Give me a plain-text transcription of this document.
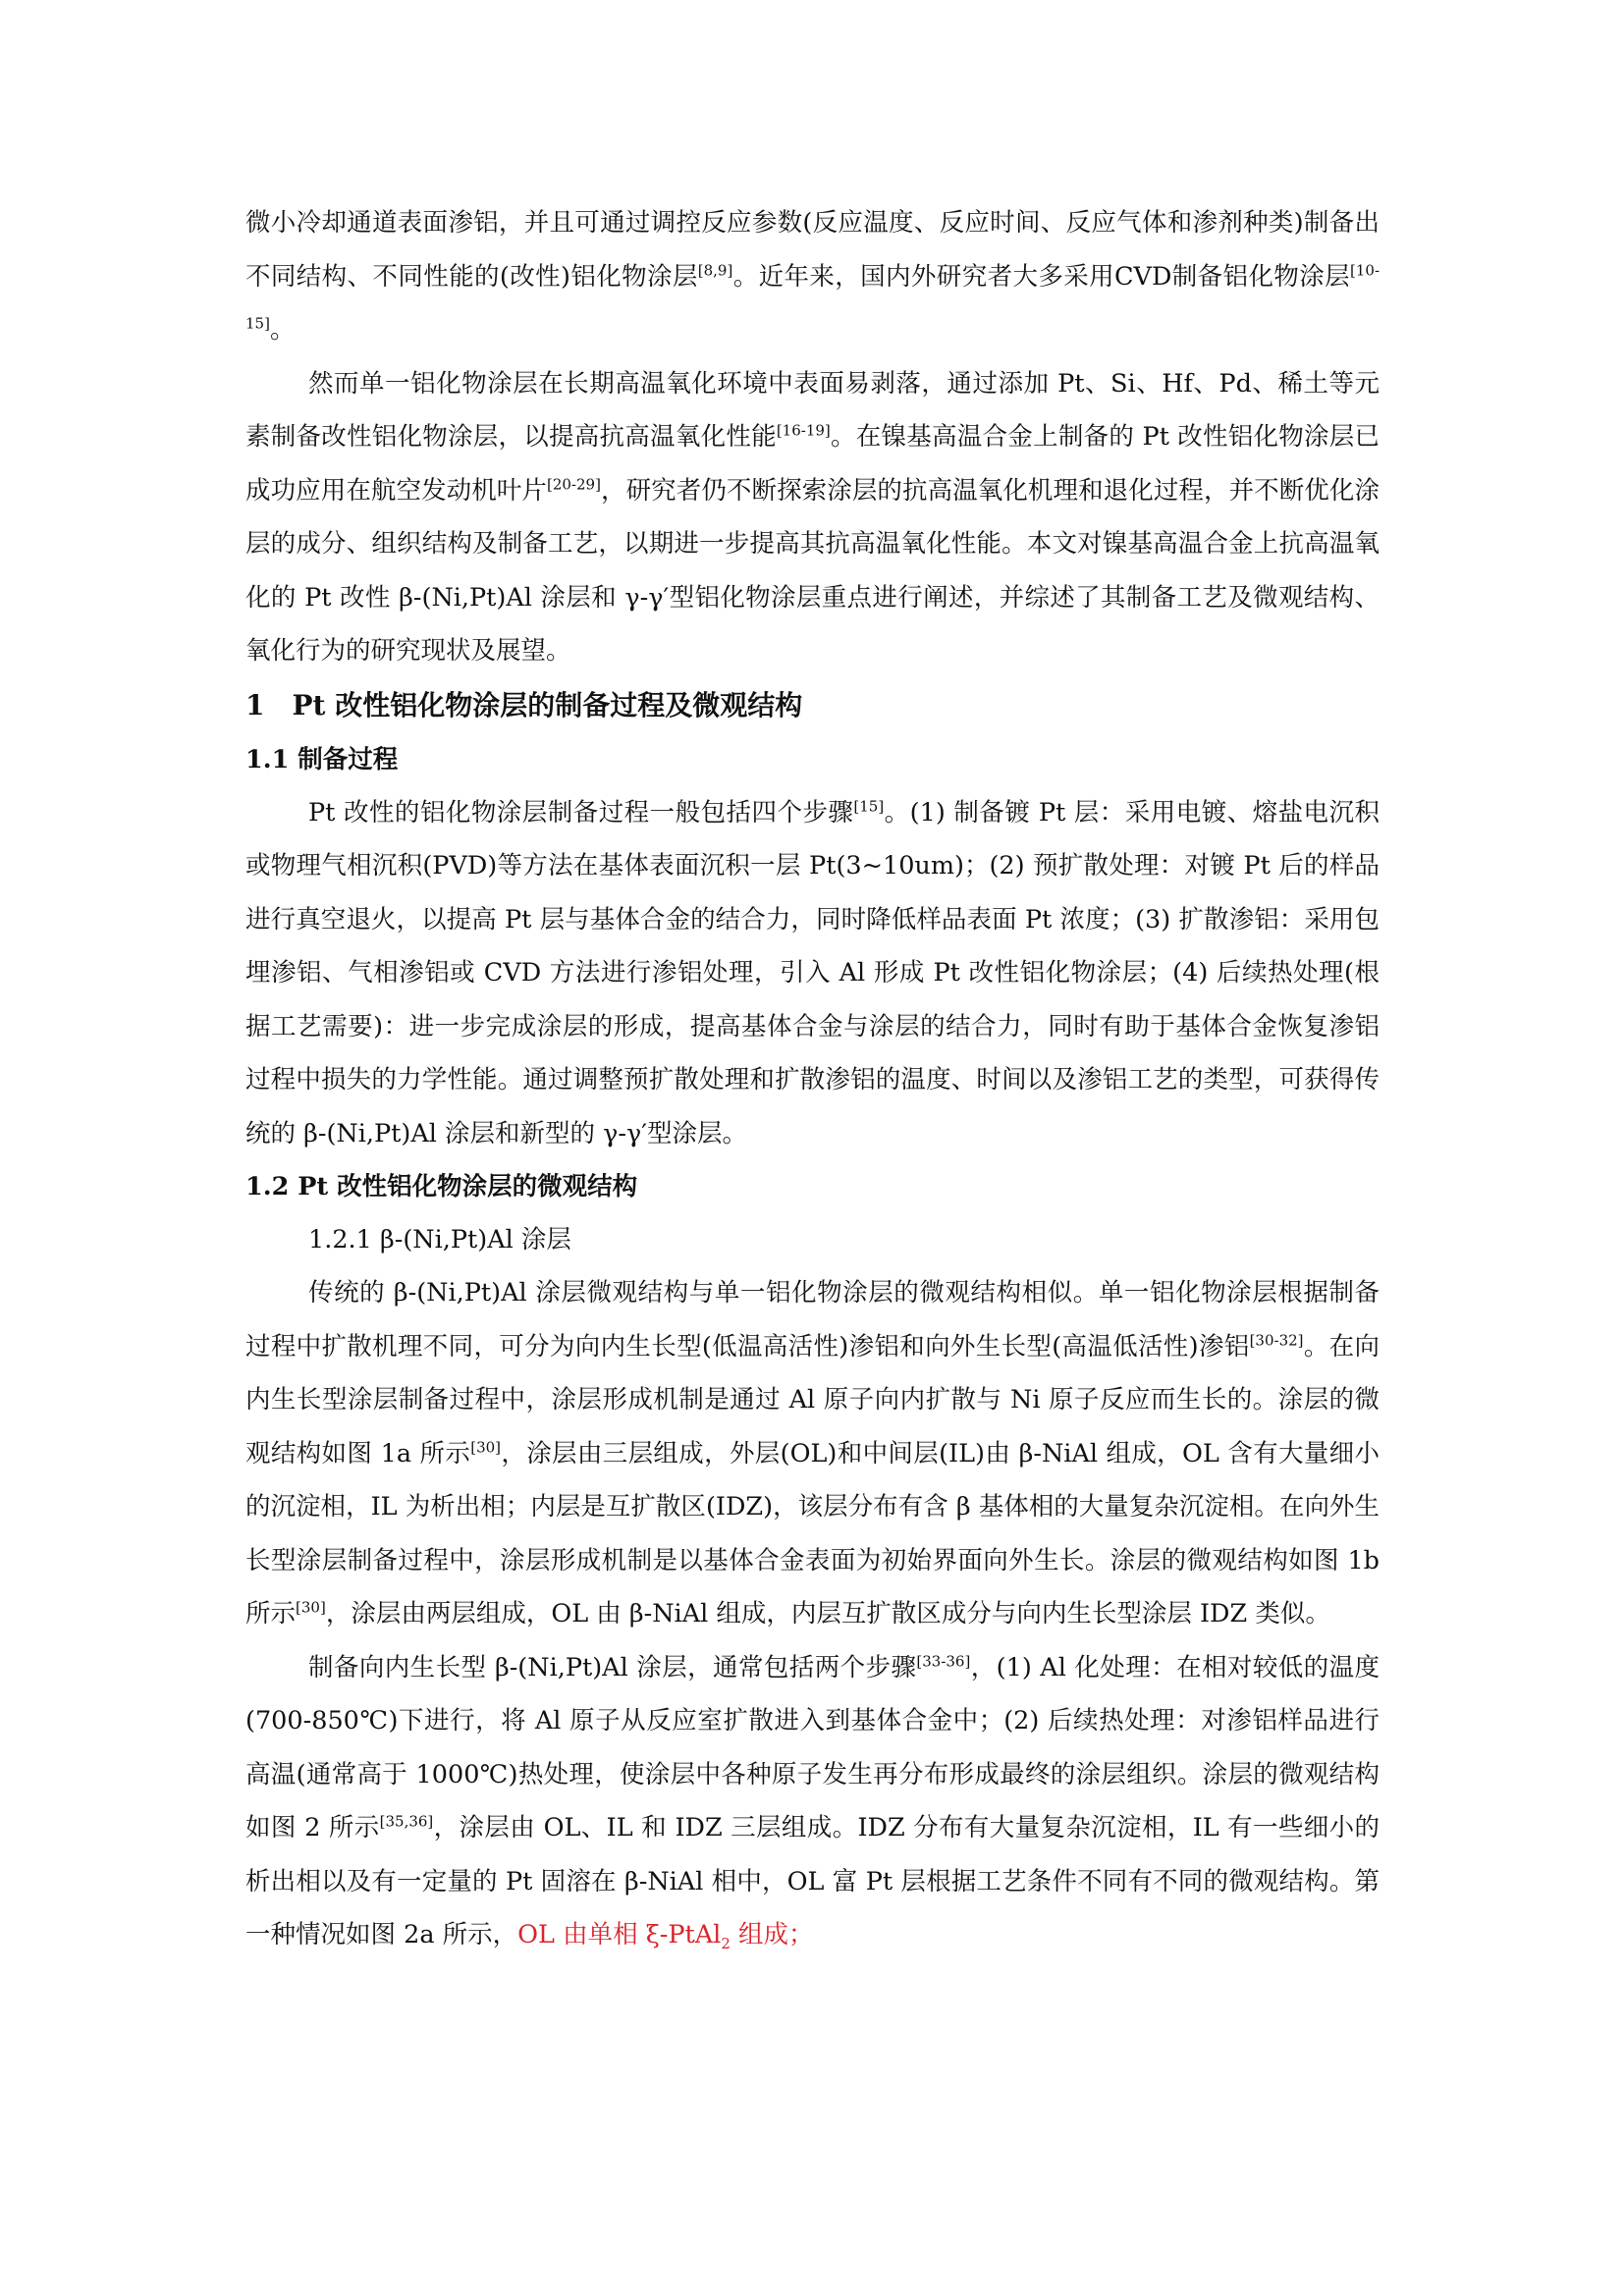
微小冷却通道表面渗铝，并且可通过调控反应参数(反应温度、反应时间、反应气体和渗剂种类)制备出不同结构、不同性能的(改性)铝化物涂层[8,9]。近年来，国内外研究者大多采用CVD制备铝化物涂层[10-15]。

然而单一铝化物涂层在长期高温氧化环境中表面易剥落，通过添加 Pt、Si、Hf、Pd、稀土等元素制备改性铝化物涂层，以提高抗高温氧化性能[16-19]。在镍基高温合金上制备的 Pt 改性铝化物涂层已成功应用在航空发动机叶片[20-29]，研究者仍不断探索涂层的抗高温氧化机理和退化过程，并不断优化涂层的成分、组织结构及制备工艺，以期进一步提高其抗高温氧化性能。本文对镍基高温合金上抗高温氧化的 Pt 改性 β-(Ni,Pt)Al 涂层和 γ-γ′型铝化物涂层重点进行阐述，并综述了其制备工艺及微观结构、氧化行为的研究现状及展望。

1　Pt 改性铝化物涂层的制备过程及微观结构

1.1 制备过程

Pt 改性的铝化物涂层制备过程一般包括四个步骤[15]。(1) 制备镀 Pt 层：采用电镀、熔盐电沉积或物理气相沉积(PVD)等方法在基体表面沉积一层 Pt(3~10um)；(2) 预扩散处理：对镀 Pt 后的样品进行真空退火，以提高 Pt 层与基体合金的结合力，同时降低样品表面 Pt 浓度；(3) 扩散渗铝：采用包埋渗铝、气相渗铝或 CVD 方法进行渗铝处理，引入 Al 形成 Pt 改性铝化物涂层；(4) 后续热处理(根据工艺需要)：进一步完成涂层的形成，提高基体合金与涂层的结合力，同时有助于基体合金恢复渗铝过程中损失的力学性能。通过调整预扩散处理和扩散渗铝的温度、时间以及渗铝工艺的类型，可获得传统的 β-(Ni,Pt)Al 涂层和新型的 γ-γ′型涂层。

1.2 Pt 改性铝化物涂层的微观结构

1.2.1 β-(Ni,Pt)Al 涂层

传统的 β-(Ni,Pt)Al 涂层微观结构与单一铝化物涂层的微观结构相似。单一铝化物涂层根据制备过程中扩散机理不同，可分为向内生长型(低温高活性)渗铝和向外生长型(高温低活性)渗铝[30-32]。在向内生长型涂层制备过程中，涂层形成机制是通过 Al 原子向内扩散与 Ni 原子反应而生长的。涂层的微观结构如图 1a 所示[30]，涂层由三层组成，外层(OL)和中间层(IL)由 β-NiAl 组成，OL 含有大量细小的沉淀相，IL 为析出相；内层是互扩散区(IDZ)，该层分布有含 β 基体相的大量复杂沉淀相。在向外生长型涂层制备过程中，涂层形成机制是以基体合金表面为初始界面向外生长。涂层的微观结构如图 1b 所示[30]，涂层由两层组成，OL 由 β-NiAl 组成，内层互扩散区成分与向内生长型涂层 IDZ 类似。

制备向内生长型 β-(Ni,Pt)Al 涂层，通常包括两个步骤[33-36]，(1) Al 化处理：在相对较低的温度(700-850℃)下进行，将 Al 原子从反应室扩散进入到基体合金中；(2) 后续热处理：对渗铝样品进行高温(通常高于 1000℃)热处理，使涂层中各种原子发生再分布形成最终的涂层组织。涂层的微观结构如图 2 所示[35,36]，涂层由 OL、IL 和 IDZ 三层组成。IDZ 分布有大量复杂沉淀相，IL 有一些细小的析出相以及有一定量的 Pt 固溶在 β-NiAl 相中，OL 富 Pt 层根据工艺条件不同有不同的微观结构。第一种情况如图 2a 所示，OL 由单相 ξ-PtAl$_2$ 组成；
